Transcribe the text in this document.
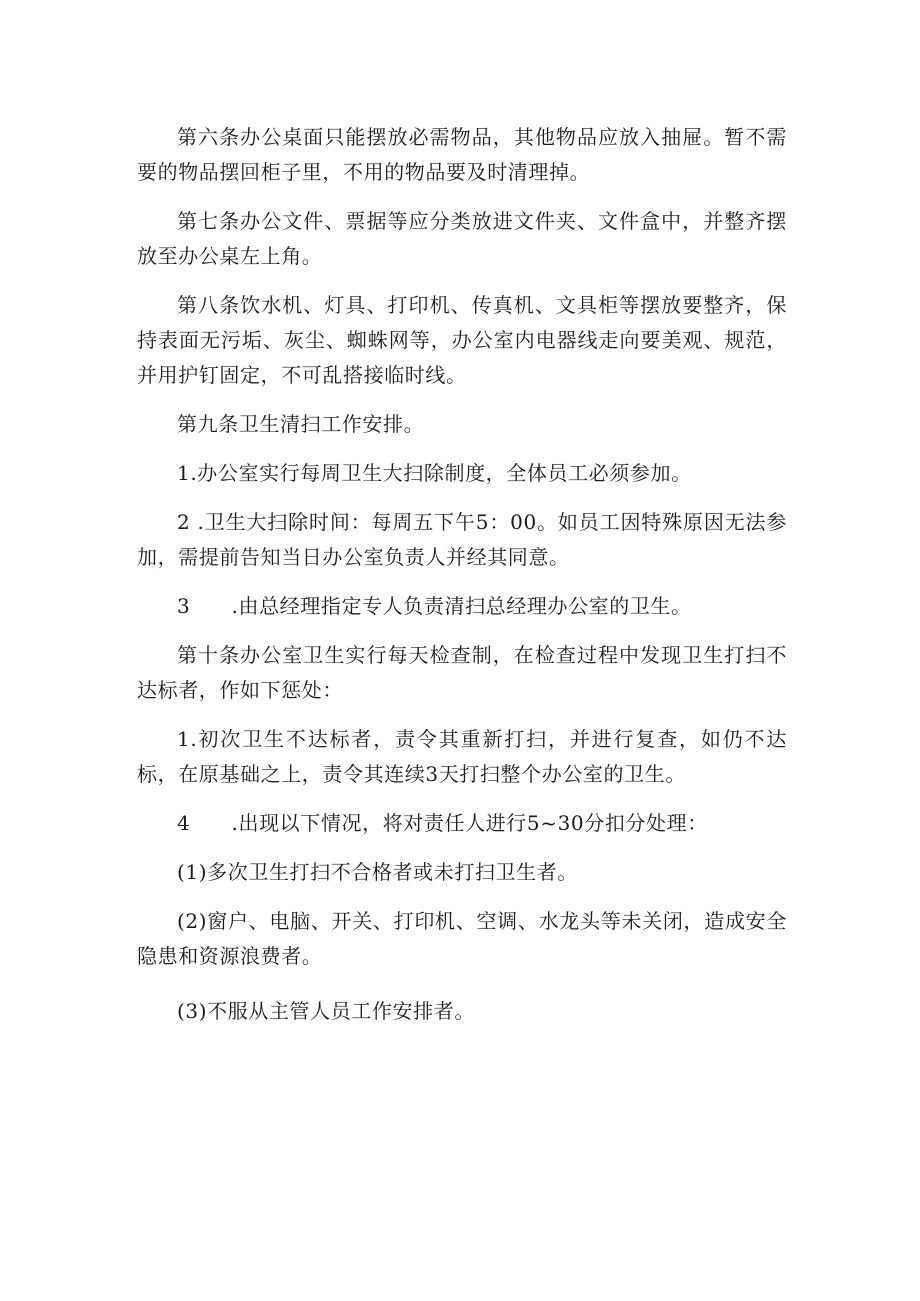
第六条办公桌面只能摆放必需物品，其他物品应放入抽屉。暂不需要的物品摆回柜子里，不用的物品要及时清理掉。

第七条办公文件、票据等应分类放进文件夹、文件盒中，并整齐摆放至办公桌左上角。

第八条饮水机、灯具、打印机、传真机、文具柜等摆放要整齐，保持表面无污垢、灰尘、蜘蛛网等，办公室内电器线走向要美观、规范，并用护钉固定，不可乱搭接临时线。

第九条卫生清扫工作安排。

1.办公室实行每周卫生大扫除制度，全体员工必须参加。

2 .卫生大扫除时间：每周五下午5：00。如员工因特殊原因无法参加，需提前告知当日办公室负责人并经其同意。

3　　.由总经理指定专人负责清扫总经理办公室的卫生。

第十条办公室卫生实行每天检查制，在检查过程中发现卫生打扫不达标者，作如下惩处：

1.初次卫生不达标者，责令其重新打扫，并进行复查，如仍不达标，在原基础之上，责令其连续3天打扫整个办公室的卫生。

4　　.出现以下情况，将对责任人进行5~30分扣分处理：

(1)多次卫生打扫不合格者或未打扫卫生者。

(2)窗户、电脑、开关、打印机、空调、水龙头等未关闭，造成安全隐患和资源浪费者。

(3)不服从主管人员工作安排者。
